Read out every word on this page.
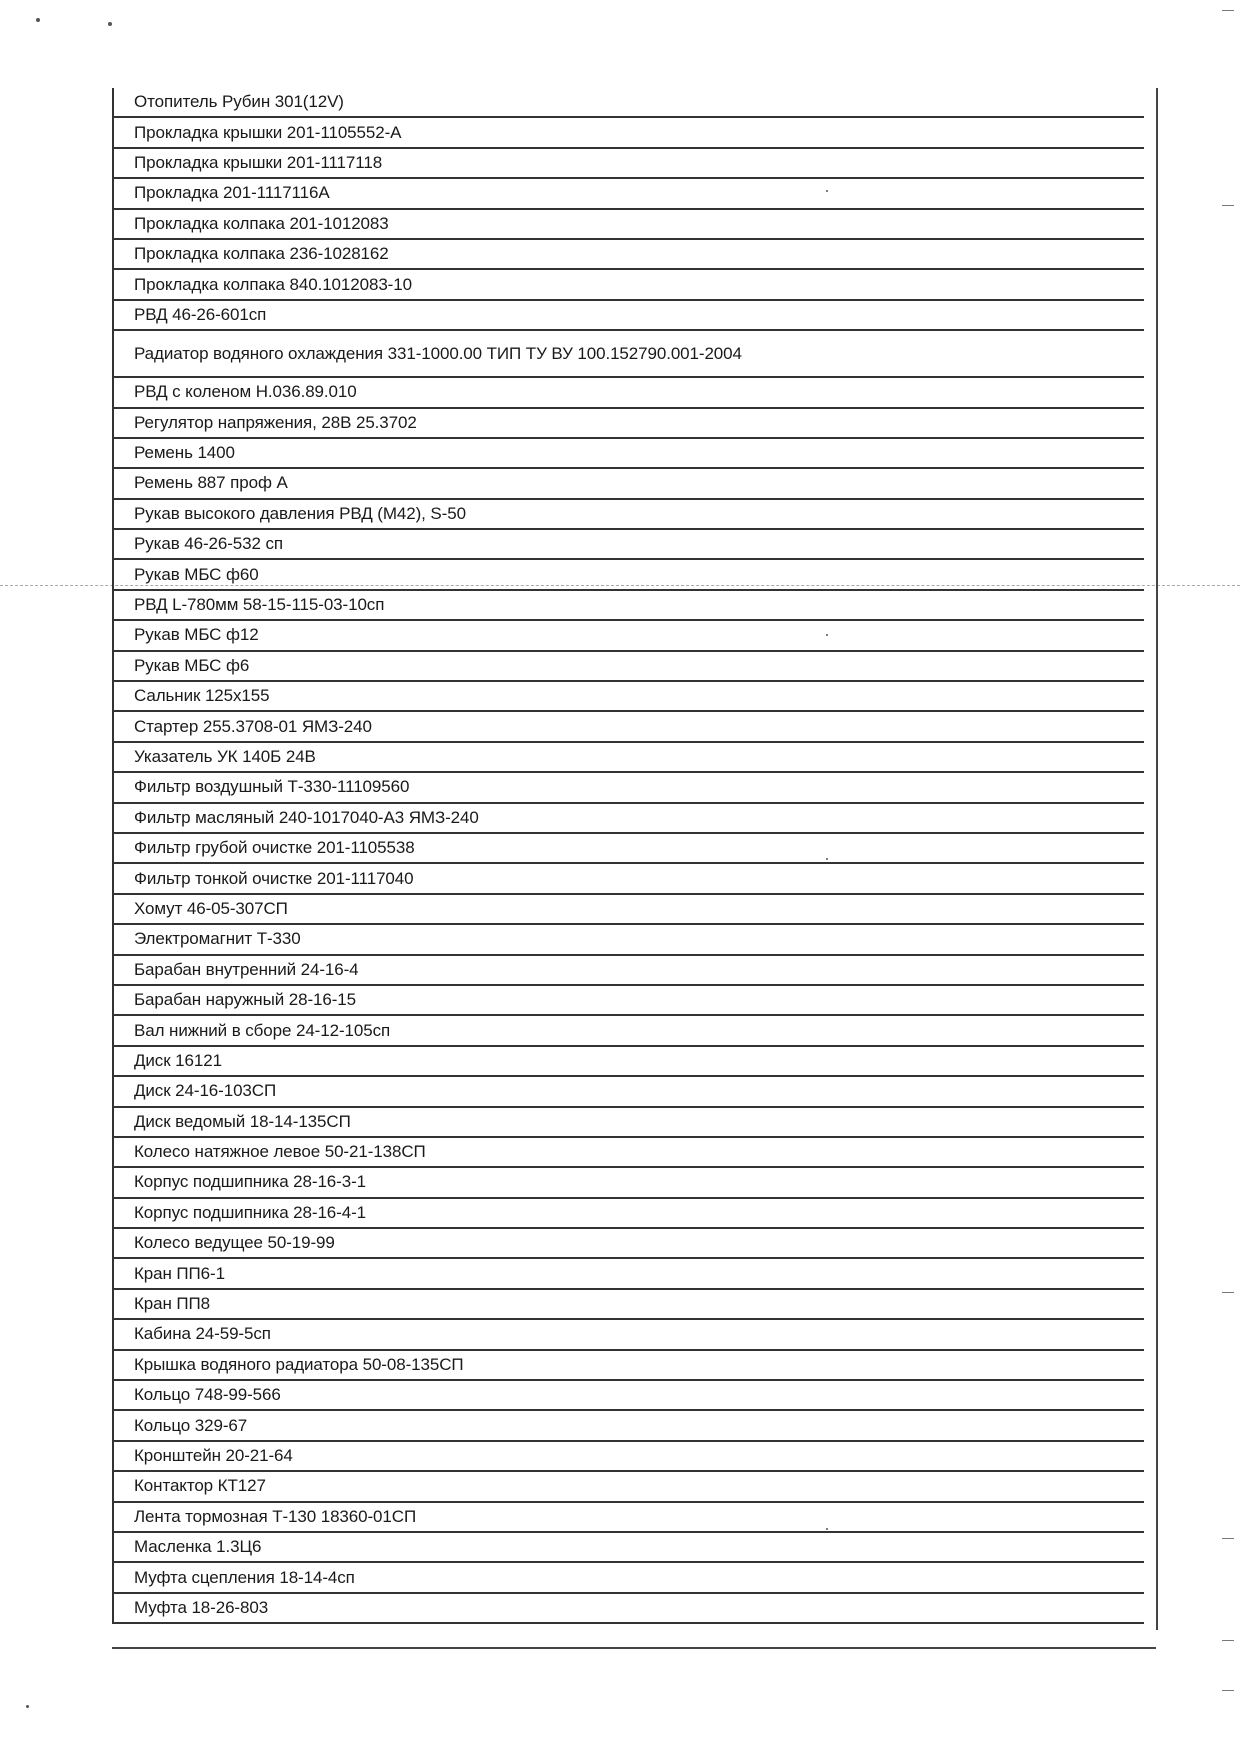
Отопитель Рубин 301(12V)
Прокладка крышки 201-1105552-А
Прокладка крышки 201-1117118
Прокладка 201-1117116А
Прокладка колпака 201-1012083
Прокладка колпака 236-1028162
Прокладка колпака 840.1012083-10
РВД 46-26-601сп
Радиатор водяного охлаждения 331-1000.00 ТИП ТУ ВУ 100.152790.001-2004
РВД с коленом Н.036.89.010
Регулятор напряжения, 28В 25.3702
Ремень 1400
Ремень 887 проф А
Рукав высокого давления РВД (М42), S-50
Рукав 46-26-532 сп
Рукав МБС ф60
РВД L-780мм 58-15-115-03-10сп
Рукав МБС ф12
Рукав МБС ф6
Сальник 125х155
Стартер 255.3708-01 ЯМЗ-240
Указатель УК 140Б 24В
Фильтр воздушный Т-330-11109560
Фильтр масляный 240-1017040-А3 ЯМЗ-240
Фильтр грубой очистке 201-1105538
Фильтр тонкой очистке 201-1117040
Хомут 46-05-307СП
Электромагнит Т-330
Барабан внутренний 24-16-4
Барабан наружный 28-16-15
Вал нижний в сборе 24-12-105сп
Диск 16121
Диск 24-16-103СП
Диск ведомый 18-14-135СП
Колесо натяжное левое 50-21-138СП
Корпус подшипника 28-16-3-1
Корпус подшипника 28-16-4-1
Колесо ведущее 50-19-99
Кран ПП6-1
Кран ПП8
Кабина 24-59-5сп
Крышка водяного радиатора 50-08-135СП
Кольцо 748-99-566
Кольцо 329-67
Кронштейн 20-21-64
Контактор КТ127
Лента тормозная Т-130 18360-01СП
Масленка 1.3Ц6
Муфта сцепления 18-14-4сп
Муфта 18-26-803
